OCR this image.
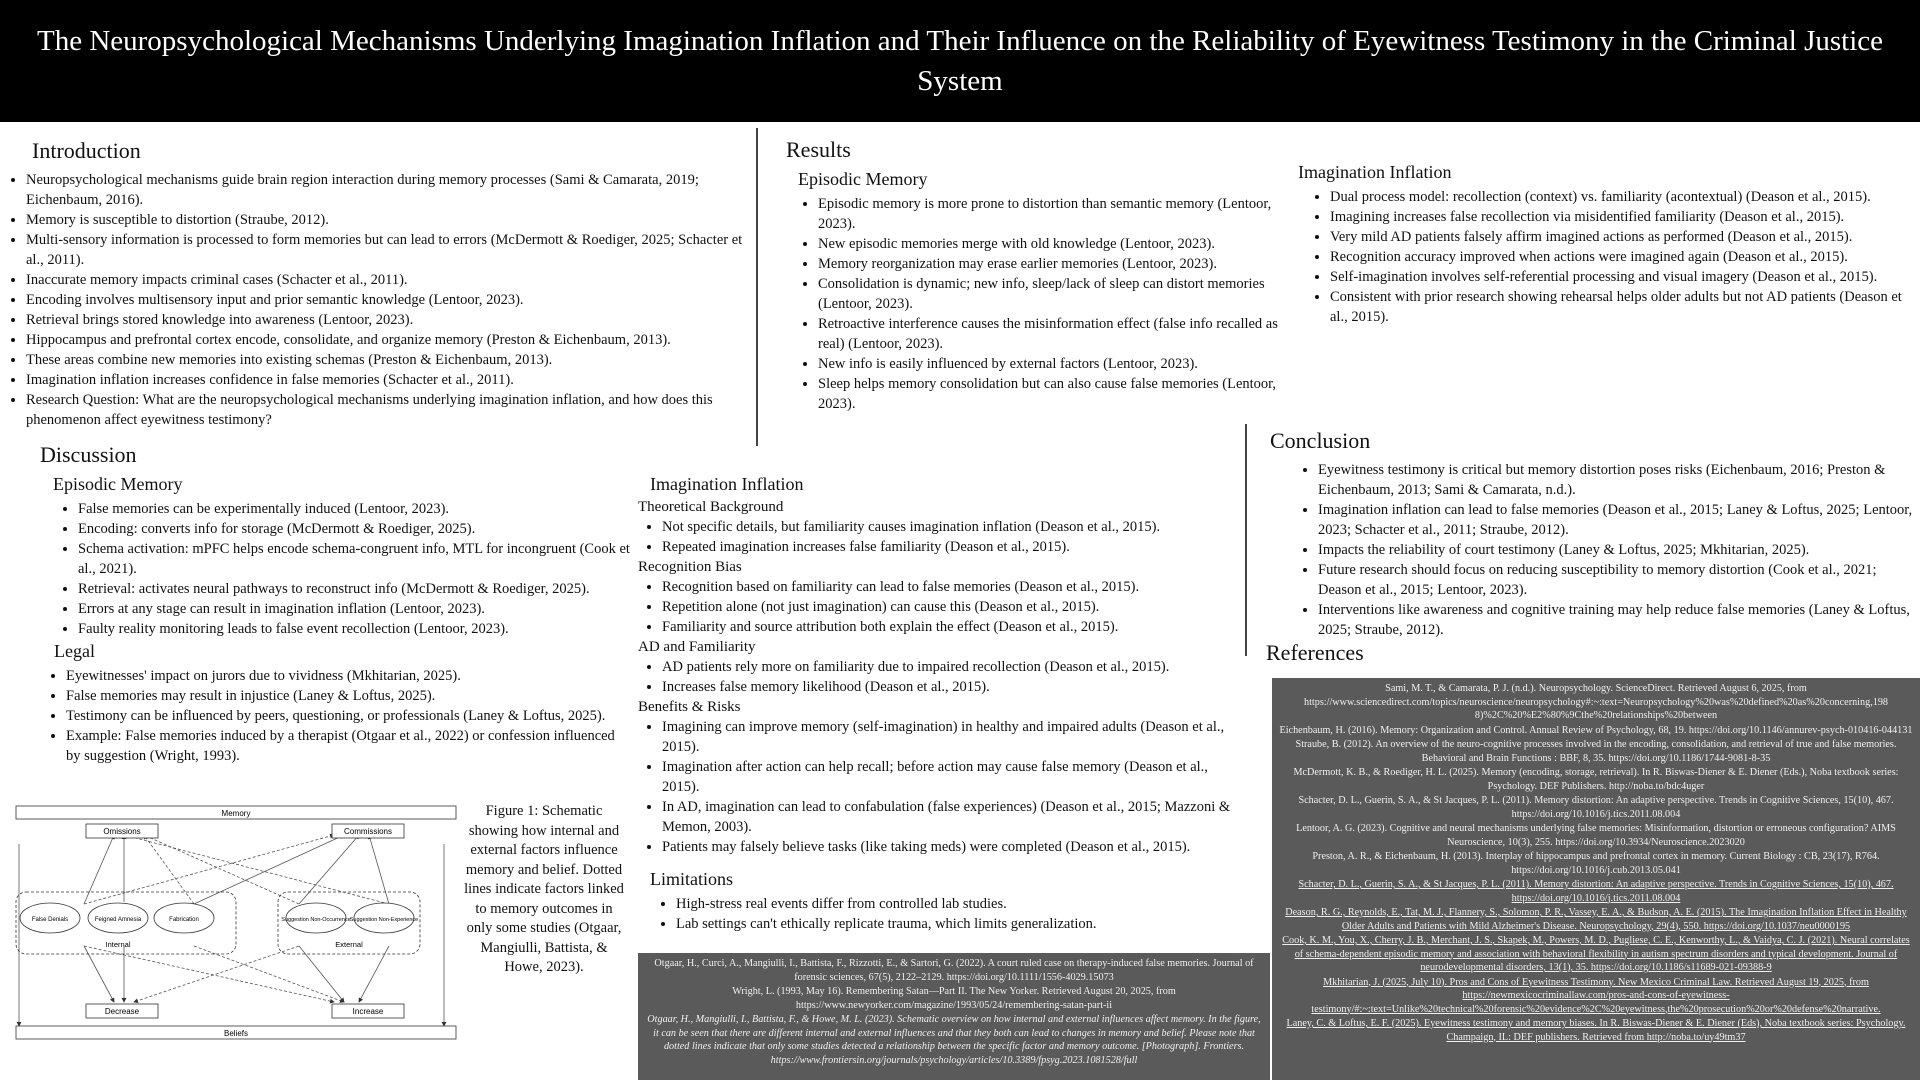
The Neuropsychological Mechanisms Underlying Imagination Inflation and Their Influence on the Reliability of Eyewitness Testimony in the Criminal Justice System
Introduction
• Neuropsychological mechanisms guide brain region interaction during memory processes (Sami & Camarata, 2019; Eichenbaum, 2016).
• Memory is susceptible to distortion (Straube, 2012).
• Multi-sensory information is processed to form memories but can lead to errors (McDermott & Roediger, 2025; Schacter et al., 2011).
• Inaccurate memory impacts criminal cases (Schacter et al., 2011).
• Encoding involves multisensory input and prior semantic knowledge (Lentoor, 2023).
• Retrieval brings stored knowledge into awareness (Lentoor, 2023).
• Hippocampus and prefrontal cortex encode, consolidate, and organize memory (Preston & Eichenbaum, 2013).
• These areas combine new memories into existing schemas (Preston & Eichenbaum, 2013).
• Imagination inflation increases confidence in false memories (Schacter et al., 2011).
• Research Question: What are the neuropsychological mechanisms underlying imagination inflation, and how does this phenomenon affect eyewitness testimony?
Results
Episodic Memory
• Episodic memory is more prone to distortion than semantic memory (Lentoor, 2023).
• New episodic memories merge with old knowledge (Lentoor, 2023).
• Memory reorganization may erase earlier memories (Lentoor, 2023).
• Consolidation is dynamic; new info, sleep/lack of sleep can distort memories (Lentoor, 2023).
• Retroactive interference causes the misinformation effect (false info recalled as real) (Lentoor, 2023).
• New info is easily influenced by external factors (Lentoor, 2023).
• Sleep helps memory consolidation but can also cause false memories (Lentoor, 2023).
Imagination Inflation
• Dual process model: recollection (context) vs. familiarity (acontextual) (Deason et al., 2015).
• Imagining increases false recollection via misidentified familiarity (Deason et al., 2015).
• Very mild AD patients falsely affirm imagined actions as performed (Deason et al., 2015).
• Recognition accuracy improved when actions were imagined again (Deason et al., 2015).
• Self-imagination involves self-referential processing and visual imagery (Deason et al., 2015).
• Consistent with prior research showing rehearsal helps older adults but not AD patients (Deason et al., 2015).
Discussion
Episodic Memory
• False memories can be experimentally induced (Lentoor, 2023).
• Encoding: converts info for storage (McDermott & Roediger, 2025).
• Schema activation: mPFC helps encode schema-congruent info, MTL for incongruent (Cook et al., 2021).
• Retrieval: activates neural pathways to reconstruct info (McDermott & Roediger, 2025).
• Errors at any stage can result in imagination inflation (Lentoor, 2023).
• Faulty reality monitoring leads to false event recollection (Lentoor, 2023).
Legal
• Eyewitnesses' impact on jurors due to vividness (Mkhitarian, 2025).
• False memories may result in injustice (Laney & Loftus, 2025).
• Testimony can be influenced by peers, questioning, or professionals (Laney & Loftus, 2025).
• Example: False memories induced by a therapist (Otgaar et al., 2022) or confession influenced by suggestion (Wright, 1993).
Memory
Omissions	Commissions
False Denials	Feigned Amnesia	Fabrication
Internal
Suggestion Non-Occurrence Suggestion Non-Experience
External
Decrease	Increase
Beliefs
Figure 1: Schematic showing how internal and external factors influence memory and belief. Dotted lines indicate factors linked to memory outcomes in only some studies (Otgaar, Mangiulli, Battista, & Howe, 2023).
Imagination Inflation
Theoretical Background
• Not specific details, but familiarity causes imagination inflation (Deason et al., 2015).
• Repeated imagination increases false familiarity (Deason et al., 2015).
Recognition Bias
• Recognition based on familiarity can lead to false memories (Deason et al., 2015).
• Repetition alone (not just imagination) can cause this (Deason et al., 2015).
• Familiarity and source attribution both explain the effect (Deason et al., 2015).
AD and Familiarity
• AD patients rely more on familiarity due to impaired recollection (Deason et al., 2015).
• Increases false memory likelihood (Deason et al., 2015).
Benefits & Risks
• Imagining can improve memory (self-imagination) in healthy and impaired adults (Deason et al., 2015).
• Imagination after action can help recall; before action may cause false memory (Deason et al., 2015).
• In AD, imagination can lead to confabulation (false experiences) (Deason et al., 2015; Mazzoni & Memon, 2003).
• Patients may falsely believe tasks (like taking meds) were completed (Deason et al., 2015).
Limitations
• High-stress real events differ from controlled lab studies.
• Lab settings can't ethically replicate trauma, which limits generalization.

Otgaar, H., Curci, A., Mangiulli, I., Battista, F., Rizzotti, E., & Sartori, G. (2022). A court ruled case on therapy-induced false memories. Journal of forensic sciences, 67(5), 2122–2129. https://doi.org/10.1111/1556-4029.15073

Wright, L. (1993, May 16). Remembering Satan—Part II. The New Yorker. Retrieved August 20, 2025, from https://www.newyorker.com/magazine/1993/05/24/remembering-satan-part-ii

Otgaar, H., Mangiulli, I., Battista, F., & Howe, M. L. (2023). Schematic overview on how internal and external influences affect memory. In the figure, it can be seen that there are different internal and external influences and that they both can lead to changes in memory and belief. Please note that dotted lines indicate that only some studies detected a relationship between the specific factor and memory outcome. [Photograph]. Frontiers. https://www.frontiersin.org/journals/psychology/articles/10.3389/fpsyg.2023.1081528/full

Conclusion
• Eyewitness testimony is critical but memory distortion poses risks (Eichenbaum, 2016; Preston & Eichenbaum, 2013; Sami & Camarata, n.d.).
• Imagination inflation can lead to false memories (Deason et al., 2015; Laney & Loftus, 2025; Lentoor, 2023; Schacter et al., 2011; Straube, 2012).
• Impacts the reliability of court testimony (Laney & Loftus, 2025; Mkhitarian, 2025).
• Future research should focus on reducing susceptibility to memory distortion (Cook et al., 2021; Deason et al., 2015; Lentoor, 2023).
• Interventions like awareness and cognitive training may help reduce false memories (Laney & Loftus, 2025; Straube, 2012).
References

Sami, M. T., & Camarata, P. J. (n.d.). Neuropsychology. ScienceDirect. Retrieved August 6, 2025, from https://www.sciencedirect.com/topics/neuroscience/neuropsychology#:~:text=Neuropsychology%20was%20defined%20as%20concerning,198 8)%2C%20%E2%80%9Cthe%20relationships%20between

Eichenbaum, H. (2016). Memory: Organization and Control. Annual Review of Psychology, 68, 19. https://doi.org/10.1146/annurev-psych-010416-044131

Straube, B. (2012). An overview of the neuro-cognitive processes involved in the encoding, consolidation, and retrieval of true and false memories. Behavioral and Brain Functions : BBF, 8, 35. https://doi.org/10.1186/1744-9081-8-35

McDermott, K. B., & Roediger, H. L. (2025). Memory (encoding, storage, retrieval). In R. Biswas-Diener & E. Diener (Eds.), Noba textbook series: Psychology. DEF Publishers. http://noba.to/bdc4uger

Schacter, D. L., Guerin, S. A., & St Jacques, P. L. (2011). Memory distortion: An adaptive perspective. Trends in Cognitive Sciences, 15(10), 467. https://doi.org/10.1016/j.tics.2011.08.004

Lentoor, A. G. (2023). Cognitive and neural mechanisms underlying false memories: Misinformation, distortion or erroneous configuration? AIMS Neuroscience, 10(3), 255. https://doi.org/10.3934/Neuroscience.2023020

Preston, A. R., & Eichenbaum, H. (2013). Interplay of hippocampus and prefrontal cortex in memory. Current Biology : CB, 23(17), R764. https://doi.org/10.1016/j.cub.2013.05.041

Schacter, D. L., Guerin, S. A., & St Jacques, P. L. (2011). Memory distortion: An adaptive perspective. Trends in Cognitive Sciences, 15(10), 467. https://doi.org/10.1016/j.tics.2011.08.004

Deason, R. G., Reynolds, E., Tat, M. J., Flannery, S., Solomon, P. R., Vassey, E. A., & Budson, A. E. (2015). The Imagination Inflation Effect in Healthy Older Adults and Patients with Mild Alzheimer's Disease. Neuropsychology, 29(4), 550. https://doi.org/10.1037/neu0000195

Cook, K. M., You, X., Cherry, J. B., Merchant, J. S., Skapek, M., Powers, M. D., Pugliese, C. E., Kenworthy, L., & Vaidya, C. J. (2021). Neural correlates of schema-dependent episodic memory and association with behavioral flexibility in autism spectrum disorders and typical development. Journal of neurodevelopmental disorders, 13(1), 35. https://doi.org/10.1186/s11689-021-09388-9

Mkhitarian, J. (2025, July 10). Pros and Cons of Eyewitness Testimony. New Mexico Criminal Law. Retrieved August 19, 2025, from https://newmexicocriminallaw.com/pros-and-cons-of-eyewitness-testimony/#:~:text=Unlike%20technical%20forensic%20evidence%2C%20eyewitness,the%20prosecution%20or%20defense%20narrative.

Laney, C. & Loftus, E. F. (2025). Eyewitness testimony and memory biases. In R. Biswas-Diener & E. Diener (Eds), Noba textbook series: Psychology. Champaign, IL: DEF publishers. Retrieved from http://noba.to/uy49tm37
